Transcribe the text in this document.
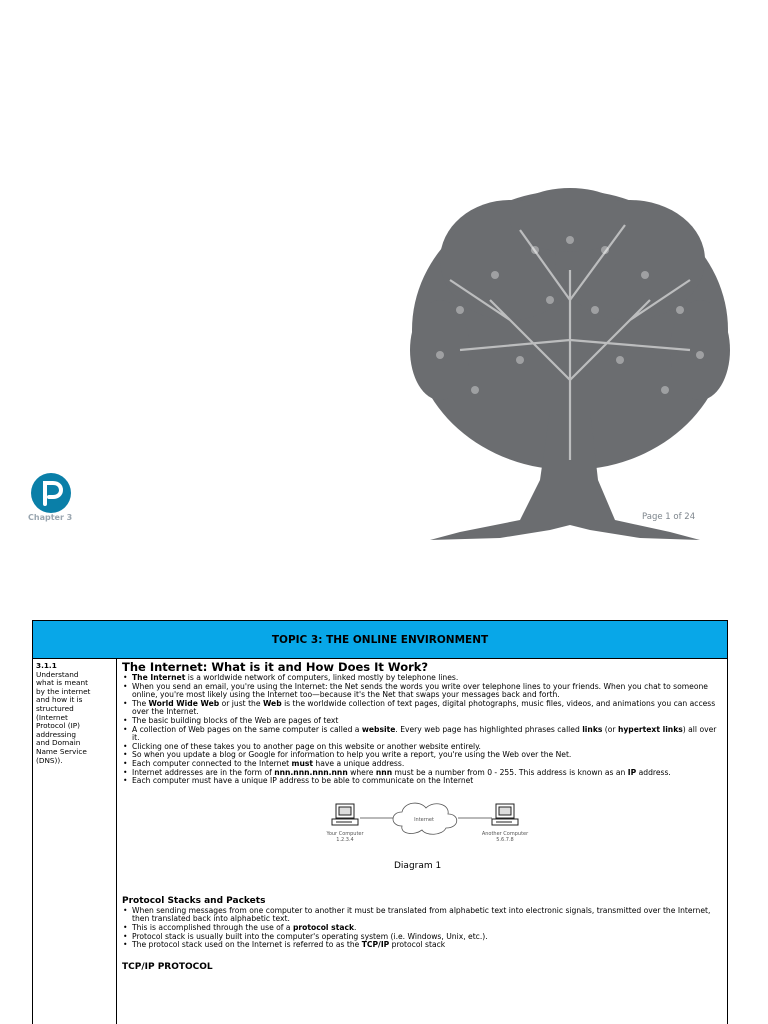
Chapter 3	Page 1 of 24
TOPIC 3: THE ONLINE ENVIRONMENT
3.1.1
Understand
what is meant
by the internet
and how it is
structured
(Internet
Protocol (IP)
addressing
and Domain
Name Service
(DNS)).
The Internet: What is it and How Does It Work?
• The Internet is a worldwide network of computers, linked mostly by telephone lines.
• When you send an email, you're using the Internet: the Net sends the words you write over telephone lines to your friends. When you chat to someone online, you're most likely using the Internet too—because it's the Net that swaps your messages back and forth.
• The World Wide Web or just the Web is the worldwide collection of text pages, digital photographs, music files, videos, and animations you can access over the Internet.
• The basic building blocks of the Web are pages of text
• A collection of Web pages on the same computer is called a website. Every web page has highlighted phrases called links (or hypertext links) all over it.
• Clicking one of these takes you to another page on this website or another website entirely.
• So when you update a blog or Google for information to help you write a report, you're using the Web over the Net.
• Each computer connected to the Internet must have a unique address.
• Internet addresses are in the form of nnn.nnn.nnn.nnn where nnn must be a number from 0 - 255. This address is known as an IP address.
• Each computer must have a unique IP address to be able to communicate on the Internet
Internet
Your Computer
1.2.3.4
Another Computer
5.6.7.8
Diagram 1
Protocol Stacks and Packets
• When sending messages from one computer to another it must be translated from alphabetic text into electronic signals, transmitted over the Internet, then translated back into alphabetic text.
• This is accomplished through the use of a protocol stack.
• Protocol stack is usually built into the computer's operating system (i.e. Windows, Unix, etc.).
• The protocol stack used on the Internet is referred to as the TCP/IP protocol stack
TCP/IP PROTOCOL
